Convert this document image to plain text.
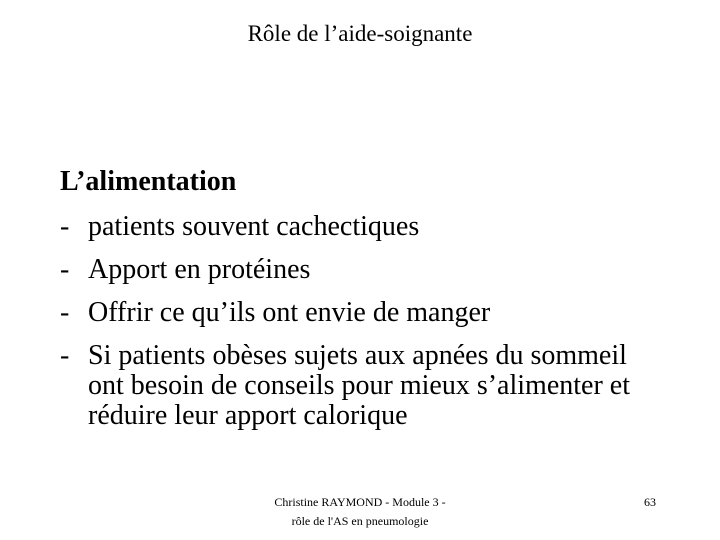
Rôle de l’aide-soignante
L’alimentation
- patients souvent cachectiques
- Apport en protéines
- Offrir ce qu’ils ont envie de manger
- Si patients obèses sujets aux apnées du sommeil ont besoin de conseils pour mieux s’alimenter et réduire leur apport calorique
Christine RAYMOND - Module 3 -
rôle de l'AS en pneumologie
63
